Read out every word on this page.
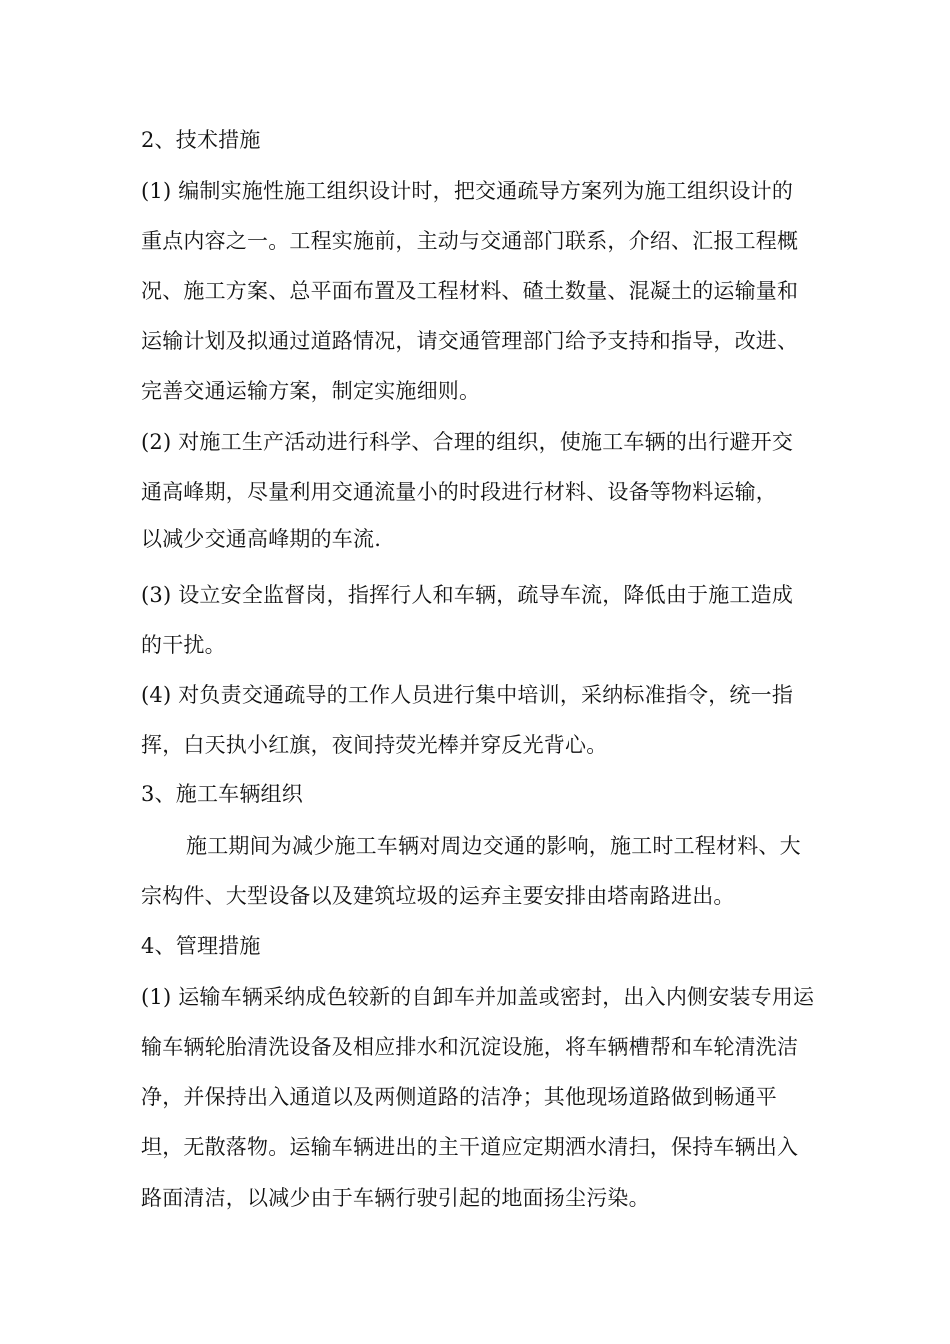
2、技术措施
(1) 编制实施性施工组织设计时，把交通疏导方案列为施工组织设计的
重点内容之一。工程实施前，主动与交通部门联系，介绍、汇报工程概
况、施工方案、总平面布置及工程材料、碴土数量、混凝土的运输量和
运输计划及拟通过道路情况，请交通管理部门给予支持和指导，改进、
完善交通运输方案，制定实施细则。
(2) 对施工生产活动进行科学、合理的组织，使施工车辆的出行避开交
通高峰期，尽量利用交通流量小的时段进行材料、设备等物料运输，
以减少交通高峰期的车流.
(3) 设立安全监督岗，指挥行人和车辆，疏导车流，降低由于施工造成
的干扰。
(4) 对负责交通疏导的工作人员进行集中培训，采纳标准指令，统一指
挥，白天执小红旗，夜间持荧光棒并穿反光背心。
3、施工车辆组织
施工期间为减少施工车辆对周边交通的影响，施工时工程材料、大
宗构件、大型设备以及建筑垃圾的运弃主要安排由塔南路进出。
4、管理措施
(1) 运输车辆采纳成色较新的自卸车并加盖或密封，出入内侧安装专用运
输车辆轮胎清洗设备及相应排水和沉淀设施，将车辆槽帮和车轮清洗洁
净，并保持出入通道以及两侧道路的洁净；其他现场道路做到畅通平
坦，无散落物。运输车辆进出的主干道应定期洒水清扫，保持车辆出入
路面清洁，以减少由于车辆行驶引起的地面扬尘污染。
